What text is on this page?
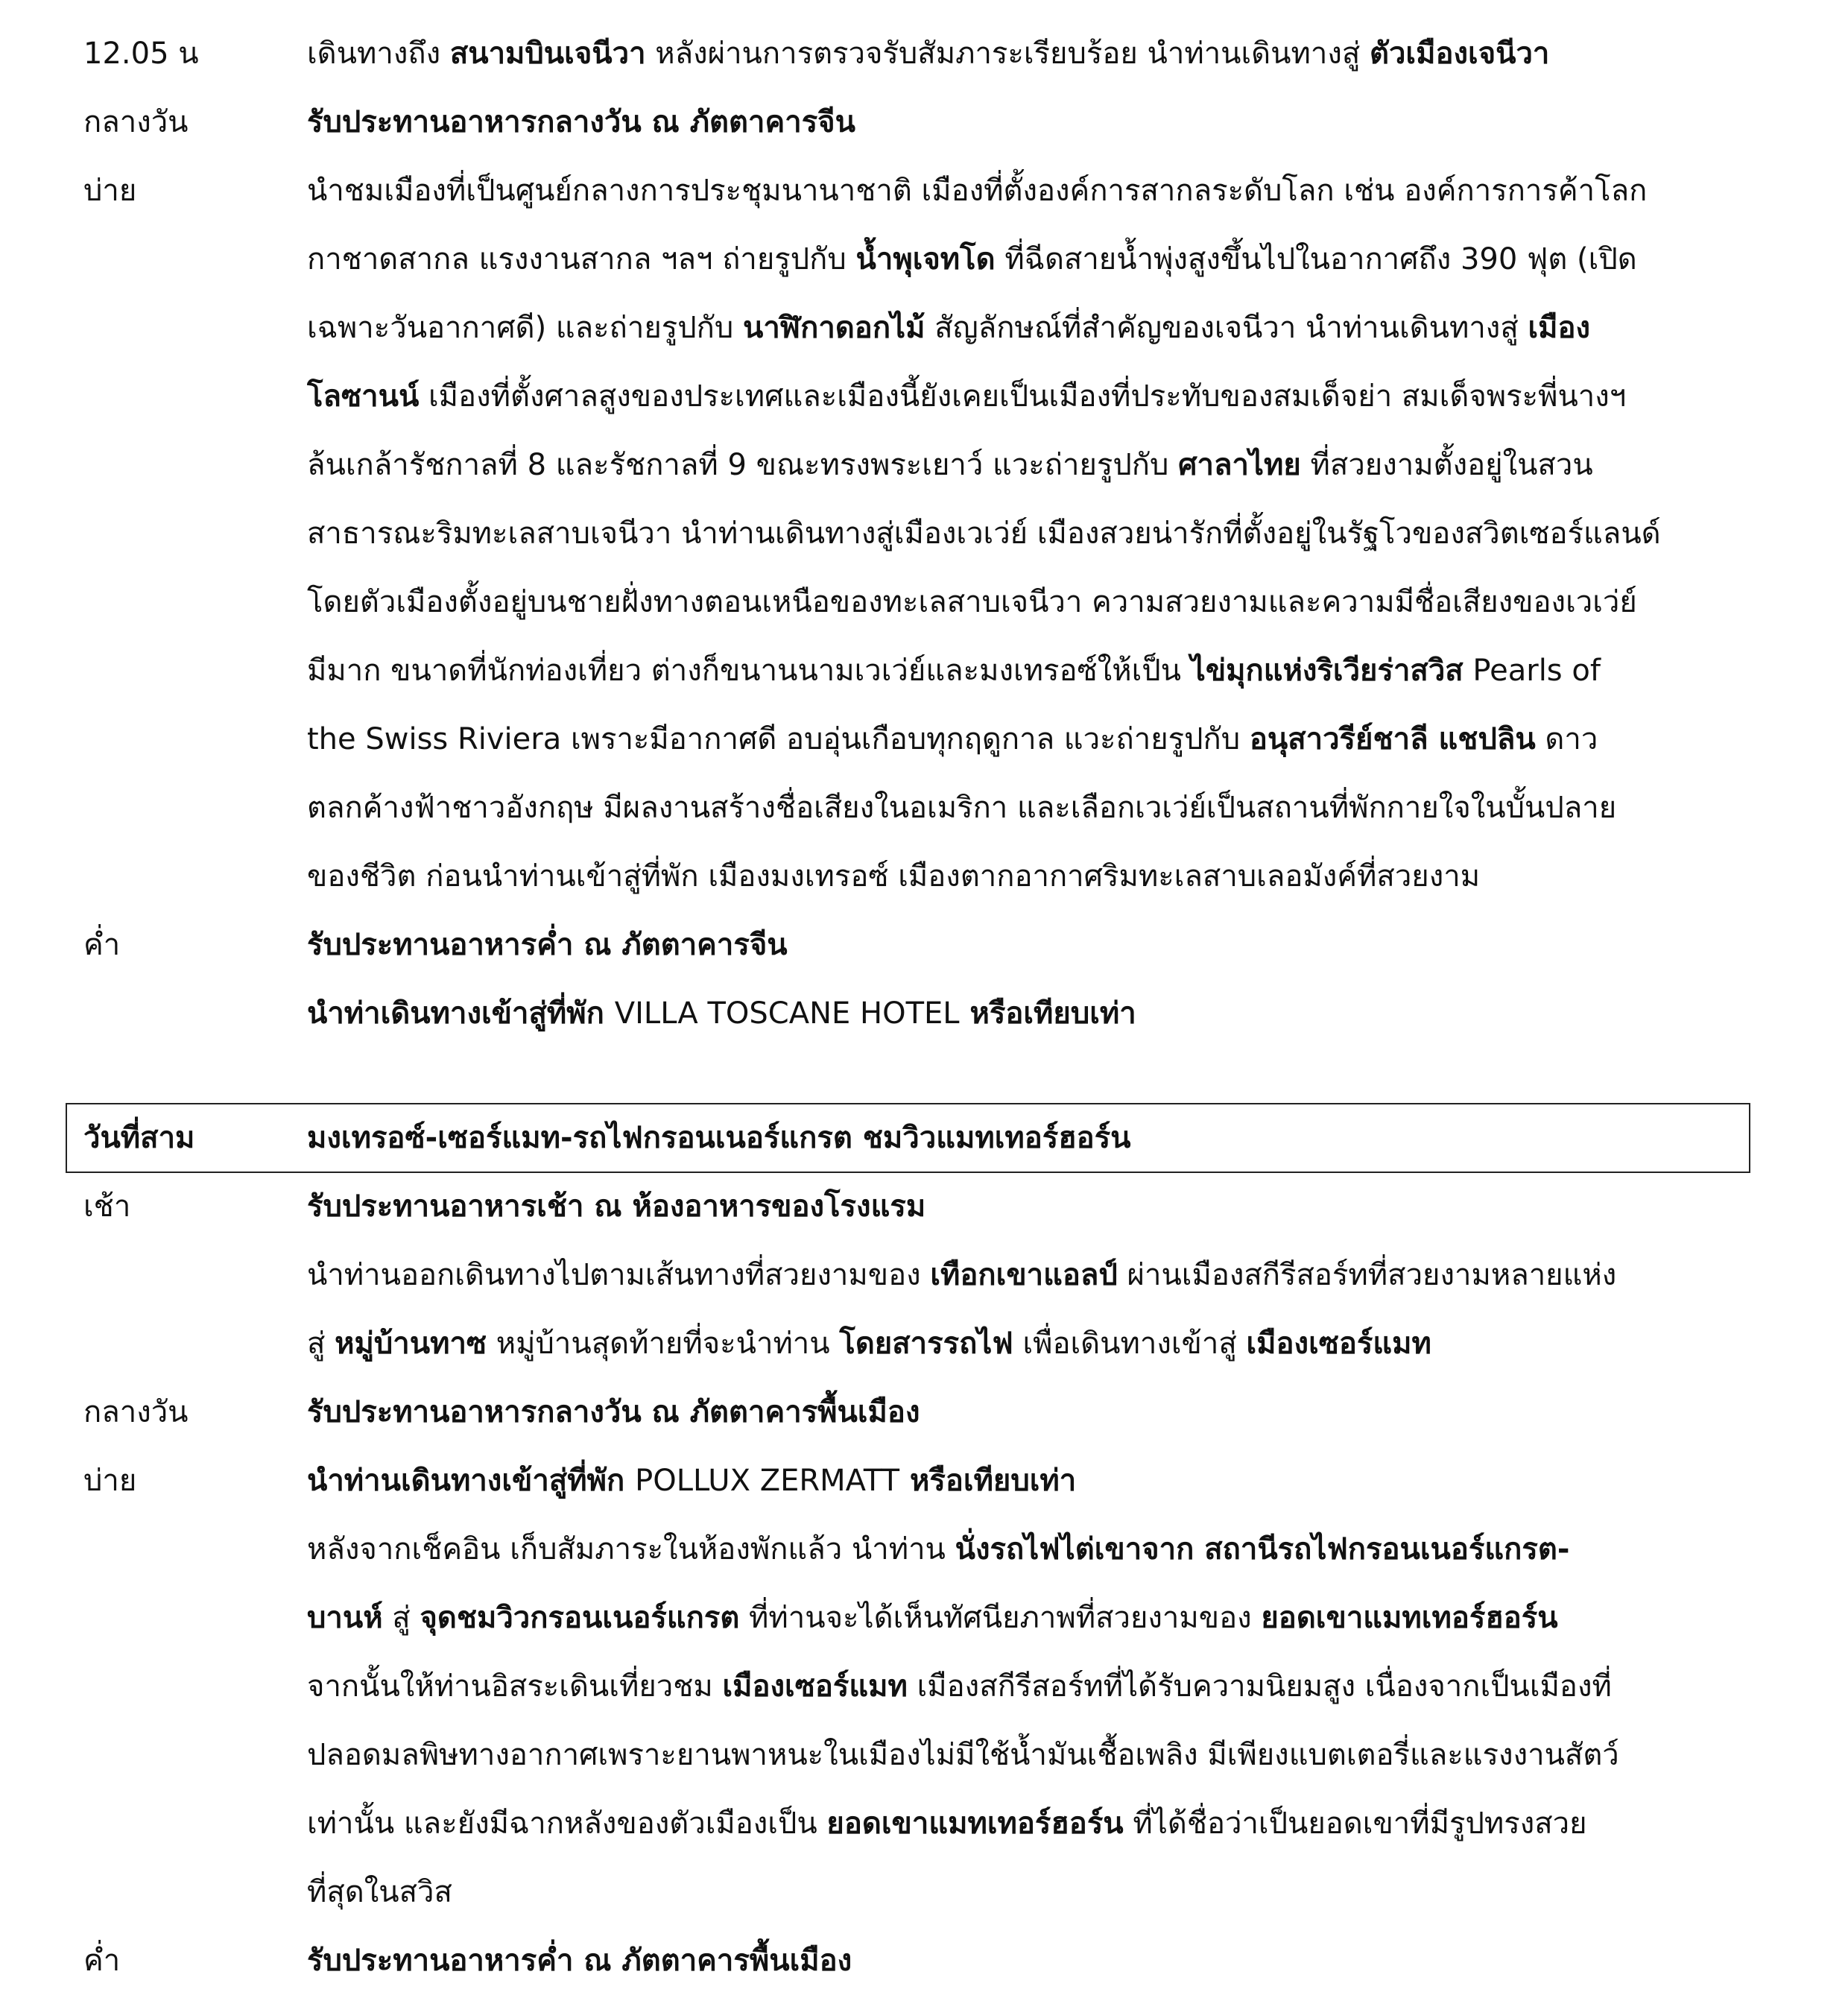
12.05 น	เดินทางถึง สนามบินเจนีวา หลังผ่านการตรวจรับสัมภาระเรียบร้อย นำท่านเดินทางสู่ ตัวเมืองเจนีวา
กลางวัน	รับประทานอาหารกลางวัน ณ ภัตตาคารจีน
บ่าย	นำชมเมืองที่เป็นศูนย์กลางการประชุมนานาชาติ เมืองที่ตั้งองค์การสากลระดับโลก เช่น องค์การการค้าโลก
กาชาดสากล แรงงานสากล ฯลฯ ถ่ายรูปกับ น้ำพุเจทโด ที่ฉีดสายน้ำพุ่งสูงขึ้นไปในอากาศถึง 390 ฟุต (เปิด
เฉพาะวันอากาศดี) และถ่ายรูปกับ นาฬิกาดอกไม้ สัญลักษณ์ที่สำคัญของเจนีวา นำท่านเดินทางสู่ เมือง
โลซานน์ เมืองที่ตั้งศาลสูงของประเทศและเมืองนี้ยังเคยเป็นเมืองที่ประทับของสมเด็จย่า สมเด็จพระพี่นางฯ
ล้นเกล้ารัชกาลที่ 8 และรัชกาลที่ 9 ขณะทรงพระเยาว์ แวะถ่ายรูปกับ ศาลาไทย ที่สวยงามตั้งอยู่ในสวน
สาธารณะริมทะเลสาบเจนีวา นำท่านเดินทางสู่เมืองเวเว่ย์ เมืองสวยน่ารักที่ตั้งอยู่ในรัฐโวของสวิตเซอร์แลนด์
โดยตัวเมืองตั้งอยู่บนชายฝั่งทางตอนเหนือของทะเลสาบเจนีวา ความสวยงามและความมีชื่อเสียงของเวเว่ย์
มีมาก ขนาดที่นักท่องเที่ยว ต่างก็ขนานนามเวเว่ย์และมงเทรอซ์ให้เป็น ไข่มุกแห่งริเวียร่าสวิส Pearls of
the Swiss Riviera เพราะมีอากาศดี อบอุ่นเกือบทุกฤดูกาล แวะถ่ายรูปกับ อนุสาวรีย์ชาลี แชปลิน ดาว
ตลกค้างฟ้าชาวอังกฤษ มีผลงานสร้างชื่อเสียงในอเมริกา และเลือกเวเว่ย์เป็นสถานที่พักกายใจในบั้นปลาย
ของชีวิต ก่อนนำท่านเข้าสู่ที่พัก เมืองมงเทรอซ์ เมืองตากอากาศริมทะเลสาบเลอมังค์ที่สวยงาม
ค่ำ	รับประทานอาหารค่ำ ณ ภัตตาคารจีน
นำท่าเดินทางเข้าสู่ที่พัก VILLA TOSCANE HOTEL หรือเทียบเท่า
วันที่สาม	มงเทรอซ์-เซอร์แมท-รถไฟกรอนเนอร์แกรต ชมวิวแมทเทอร์ฮอร์น
เช้า	รับประทานอาหารเช้า ณ ห้องอาหารของโรงแรม
นำท่านออกเดินทางไปตามเส้นทางที่สวยงามของ เทือกเขาแอลป์ ผ่านเมืองสกีรีสอร์ทที่สวยงามหลายแห่ง
สู่ หมู่บ้านทาซ หมู่บ้านสุดท้ายที่จะนำท่าน โดยสารรถไฟ เพื่อเดินทางเข้าสู่ เมืองเซอร์แมท
กลางวัน	รับประทานอาหารกลางวัน ณ ภัตตาคารพื้นเมือง
บ่าย	นำท่านเดินทางเข้าสู่ที่พัก POLLUX ZERMATT หรือเทียบเท่า
หลังจากเช็คอิน เก็บสัมภาระในห้องพักแล้ว นำท่าน นั่งรถไฟไต่เขาจาก สถานีรถไฟกรอนเนอร์แกรต-
บานห์ สู่ จุดชมวิวกรอนเนอร์แกรต ที่ท่านจะได้เห็นทัศนียภาพที่สวยงามของ ยอดเขาแมทเทอร์ฮอร์น
จากนั้นให้ท่านอิสระเดินเที่ยวชม เมืองเซอร์แมท เมืองสกีรีสอร์ทที่ได้รับความนิยมสูง เนื่องจากเป็นเมืองที่
ปลอดมลพิษทางอากาศเพราะยานพาหนะในเมืองไม่มีใช้น้ำมันเชื้อเพลิง มีเพียงแบตเตอรี่และแรงงานสัตว์
เท่านั้น และยังมีฉากหลังของตัวเมืองเป็น ยอดเขาแมทเทอร์ฮอร์น ที่ได้ชื่อว่าเป็นยอดเขาที่มีรูปทรงสวย
ที่สุดในสวิส
ค่ำ	รับประทานอาหารค่ำ ณ ภัตตาคารพื้นเมือง
